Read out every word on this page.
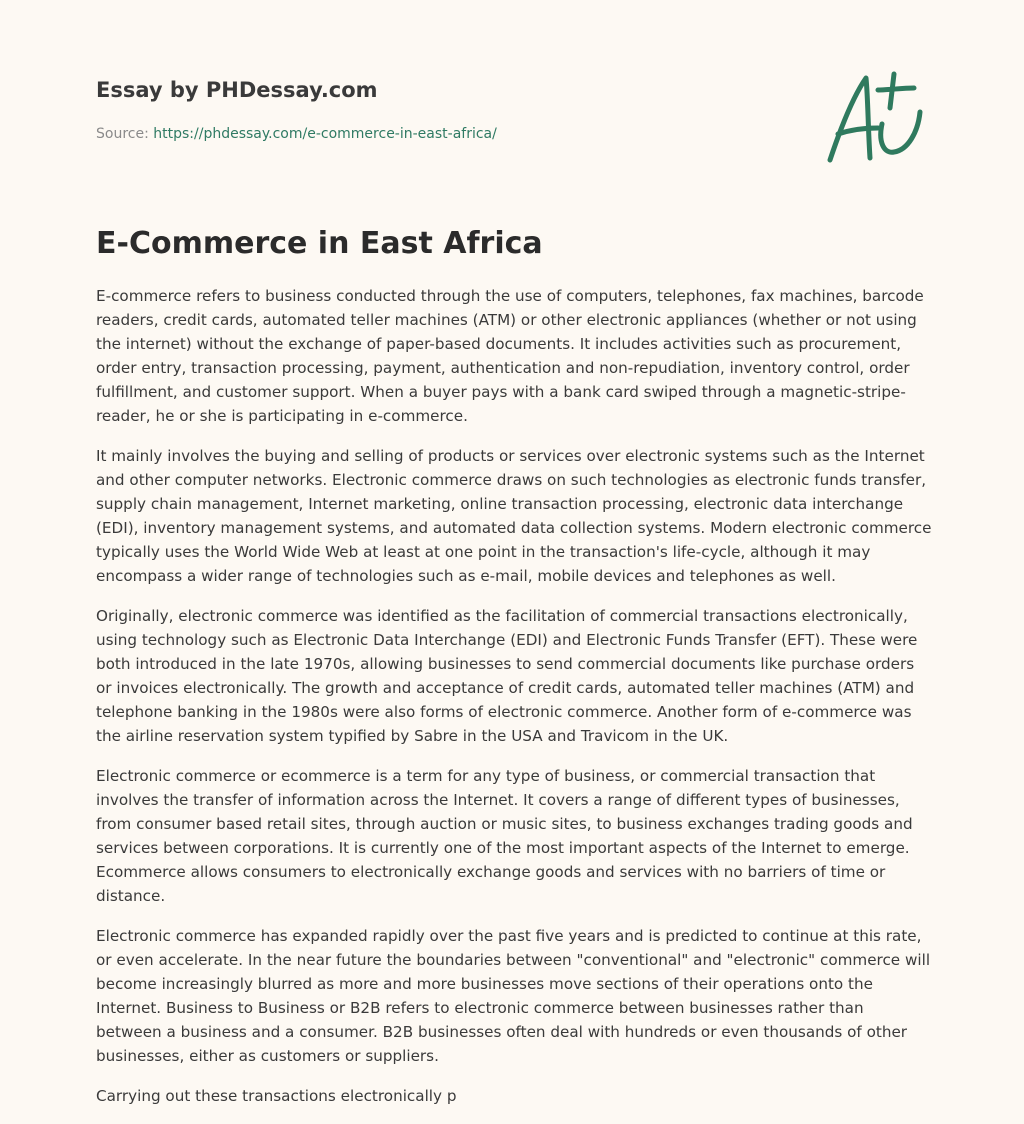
Essay by PHDessay.com
Source: https://phdessay.com/e-commerce-in-east-africa/
E-Commerce in East Africa

E-commerce refers to business conducted through the use of computers, telephones, fax machines, barcode readers, credit cards, automated teller machines (ATM) or other electronic appliances (whether or not using the internet) without the exchange of paper-based documents. It includes activities such as procurement, order entry, transaction processing, payment, authentication and non-repudiation, inventory control, order fulfillment, and customer support. When a buyer pays with a bank card swiped through a magnetic-stripe-reader, he or she is participating in e-commerce.

It mainly involves the buying and selling of products or services over electronic systems such as the Internet and other computer networks. Electronic commerce draws on such technologies as electronic funds transfer, supply chain management, Internet marketing, online transaction processing, electronic data interchange (EDI), inventory management systems, and automated data collection systems. Modern electronic commerce typically uses the World Wide Web at least at one point in the transaction's life-cycle, although it may encompass a wider range of technologies such as e-mail, mobile devices and telephones as well.

Originally, electronic commerce was identified as the facilitation of commercial transactions electronically, using technology such as Electronic Data Interchange (EDI) and Electronic Funds Transfer (EFT). These were both introduced in the late 1970s, allowing businesses to send commercial documents like purchase orders or invoices electronically. The growth and acceptance of credit cards, automated teller machines (ATM) and telephone banking in the 1980s were also forms of electronic commerce. Another form of e-commerce was the airline reservation system typified by Sabre in the USA and Travicom in the UK.

Electronic commerce or ecommerce is a term for any type of business, or commercial transaction that involves the transfer of information across the Internet. It covers a range of different types of businesses, from consumer based retail sites, through auction or music sites, to business exchanges trading goods and services between corporations. It is currently one of the most important aspects of the Internet to emerge. Ecommerce allows consumers to electronically exchange goods and services with no barriers of time or distance.

Electronic commerce has expanded rapidly over the past five years and is predicted to continue at this rate, or even accelerate. In the near future the boundaries between "conventional" and "electronic" commerce will become increasingly blurred as more and more businesses move sections of their operations onto the Internet. Business to Business or B2B refers to electronic commerce between businesses rather than between a business and a consumer. B2B businesses often deal with hundreds or even thousands of other businesses, either as customers or suppliers.

Carrying out these transactions electronically p
